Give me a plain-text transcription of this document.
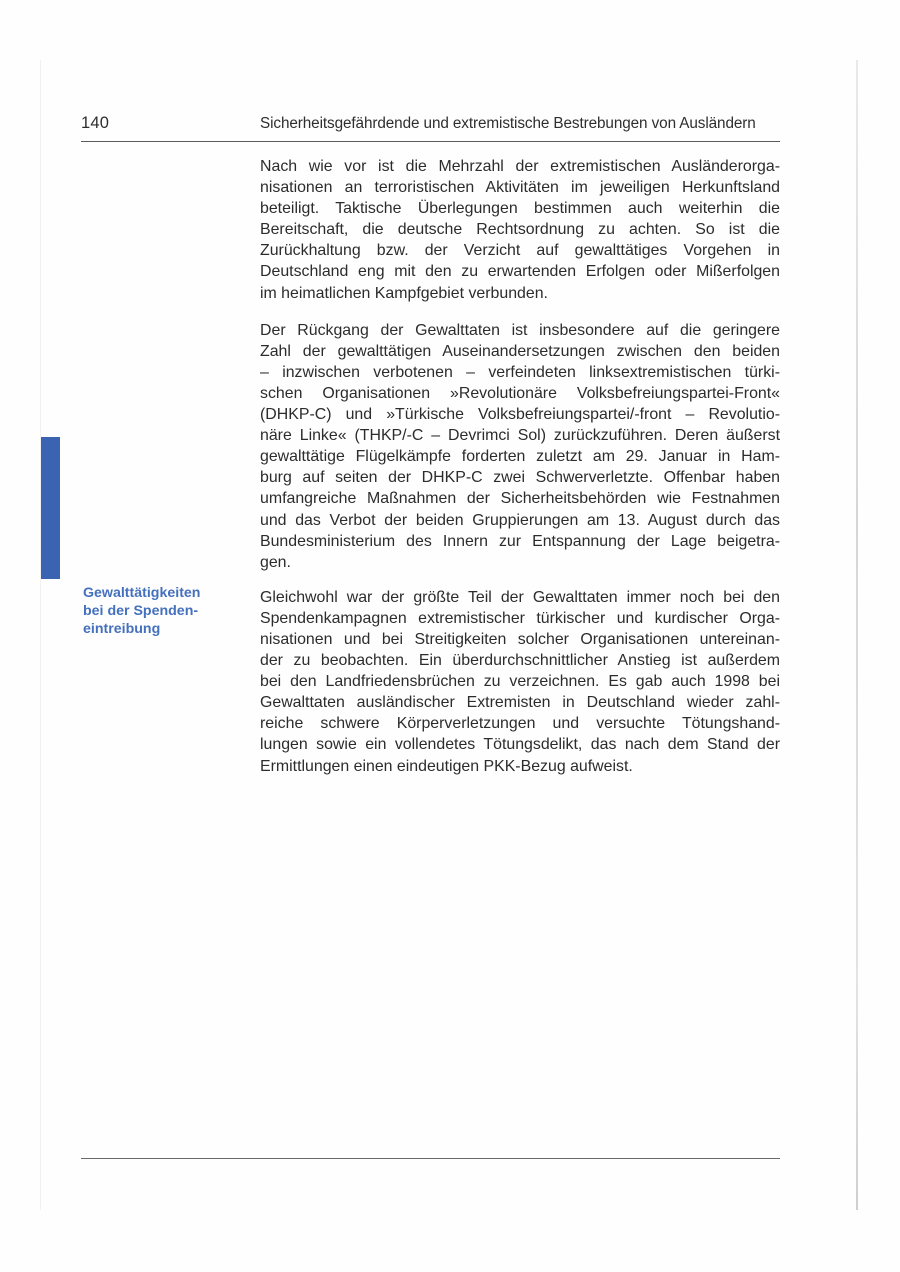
140	Sicherheitsgefährdende und extremistische Bestrebungen von Ausländern
Gewalttätigkeiten
bei der Spenden-
eintreibung
Nach wie vor ist die Mehrzahl der extremistischen Ausländerorga-
nisationen an terroristischen Aktivitäten im jeweiligen Herkunftsland
beteiligt. Taktische Überlegungen bestimmen auch weiterhin die
Bereitschaft, die deutsche Rechtsordnung zu achten. So ist die
Zurückhaltung bzw. der Verzicht auf gewalttätiges Vorgehen in
Deutschland eng mit den zu erwartenden Erfolgen oder Mißerfolgen
im heimatlichen Kampfgebiet verbunden.
Der Rückgang der Gewalttaten ist insbesondere auf die geringere
Zahl der gewalttätigen Auseinandersetzungen zwischen den beiden
– inzwischen verbotenen – verfeindeten linksextremistischen türki-
schen Organisationen »Revolutionäre Volksbefreiungspartei-Front«
(DHKP-C) und »Türkische Volksbefreiungspartei/-front – Revolutio-
näre Linke« (THKP/-C – Devrimci Sol) zurückzuführen. Deren äußerst
gewalttätige Flügelkämpfe forderten zuletzt am 29. Januar in Ham-
burg auf seiten der DHKP-C zwei Schwerverletzte. Offenbar haben
umfangreiche Maßnahmen der Sicherheitsbehörden wie Festnahmen
und das Verbot der beiden Gruppierungen am 13. August durch das
Bundesministerium des Innern zur Entspannung der Lage beigetra-
gen.
Gleichwohl war der größte Teil der Gewalttaten immer noch bei den
Spendenkampagnen extremistischer türkischer und kurdischer Orga-
nisationen und bei Streitigkeiten solcher Organisationen untereinan-
der zu beobachten. Ein überdurchschnittlicher Anstieg ist außerdem
bei den Landfriedensbrüchen zu verzeichnen. Es gab auch 1998 bei
Gewalttaten ausländischer Extremisten in Deutschland wieder zahl-
reiche schwere Körperverletzungen und versuchte Tötungshand-
lungen sowie ein vollendetes Tötungsdelikt, das nach dem Stand der
Ermittlungen einen eindeutigen PKK-Bezug aufweist.
